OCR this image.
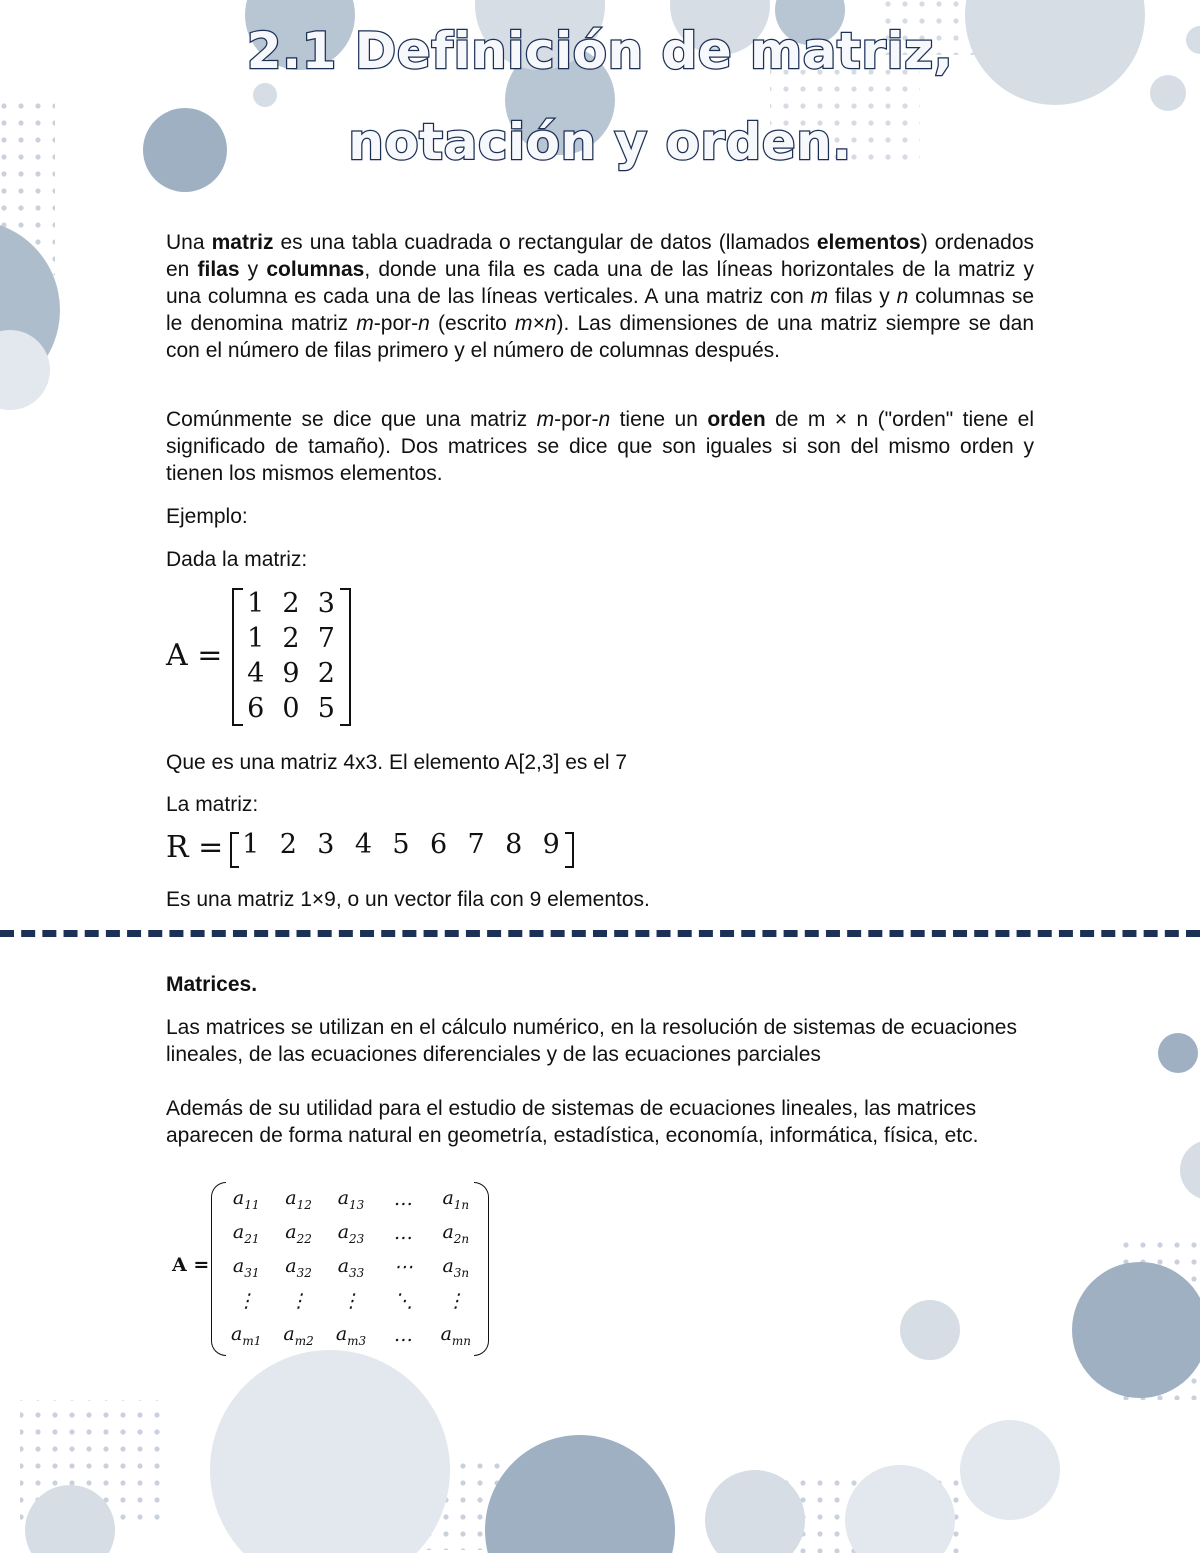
2.1 Definición de matriz,
notación y orden.

Una matriz es una tabla cuadrada o rectangular de datos (llamados elementos) ordenados en filas y columnas, donde una fila es cada una de las líneas horizontales de la matriz y una columna es cada una de las líneas verticales. A una matriz con m filas y n columnas se le denomina matriz m-por-n (escrito m×n). Las dimensiones de una matriz siempre se dan con el número de filas primero y el número de columnas después.

Comúnmente se dice que una matriz m-por-n tiene un orden de m × n ("orden" tiene el significado de tamaño). Dos matrices se dice que son iguales si son del mismo orden y tienen los mismos elementos.

Ejemplo:

Dada la matriz:

A =
1 2 3
1 2 7
4 9 2
6 0 5

Que es una matriz 4x3. El elemento A[2,3] es el 7

La matriz:

R = 1 2 3 4 5 6 7 8 9

Es una matriz 1×9, o un vector fila con 9 elementos.

Matrices.

Las matrices se utilizan en el cálculo numérico, en la resolución de sistemas de ecuaciones lineales, de las ecuaciones diferenciales y de las ecuaciones parciales

Además de su utilidad para el estudio de sistemas de ecuaciones lineales, las matrices aparecen de forma natural en geometría, estadística, economía, informática, física, etc.

A =
$a_{11}$	$a_{12}$	$a_{13}$	…	$a_{1n}$
$a_{21}$	$a_{22}$	$a_{23}$	…	$a_{2n}$
$a_{31}$	$a_{32}$	$a_{33}$	⋯	$a_{3n}$
⋮	⋮	⋮	⋱	⋮
$a_{m1}$	$a_{m2}$	$a_{m3}$	…	$a_{mn}$
